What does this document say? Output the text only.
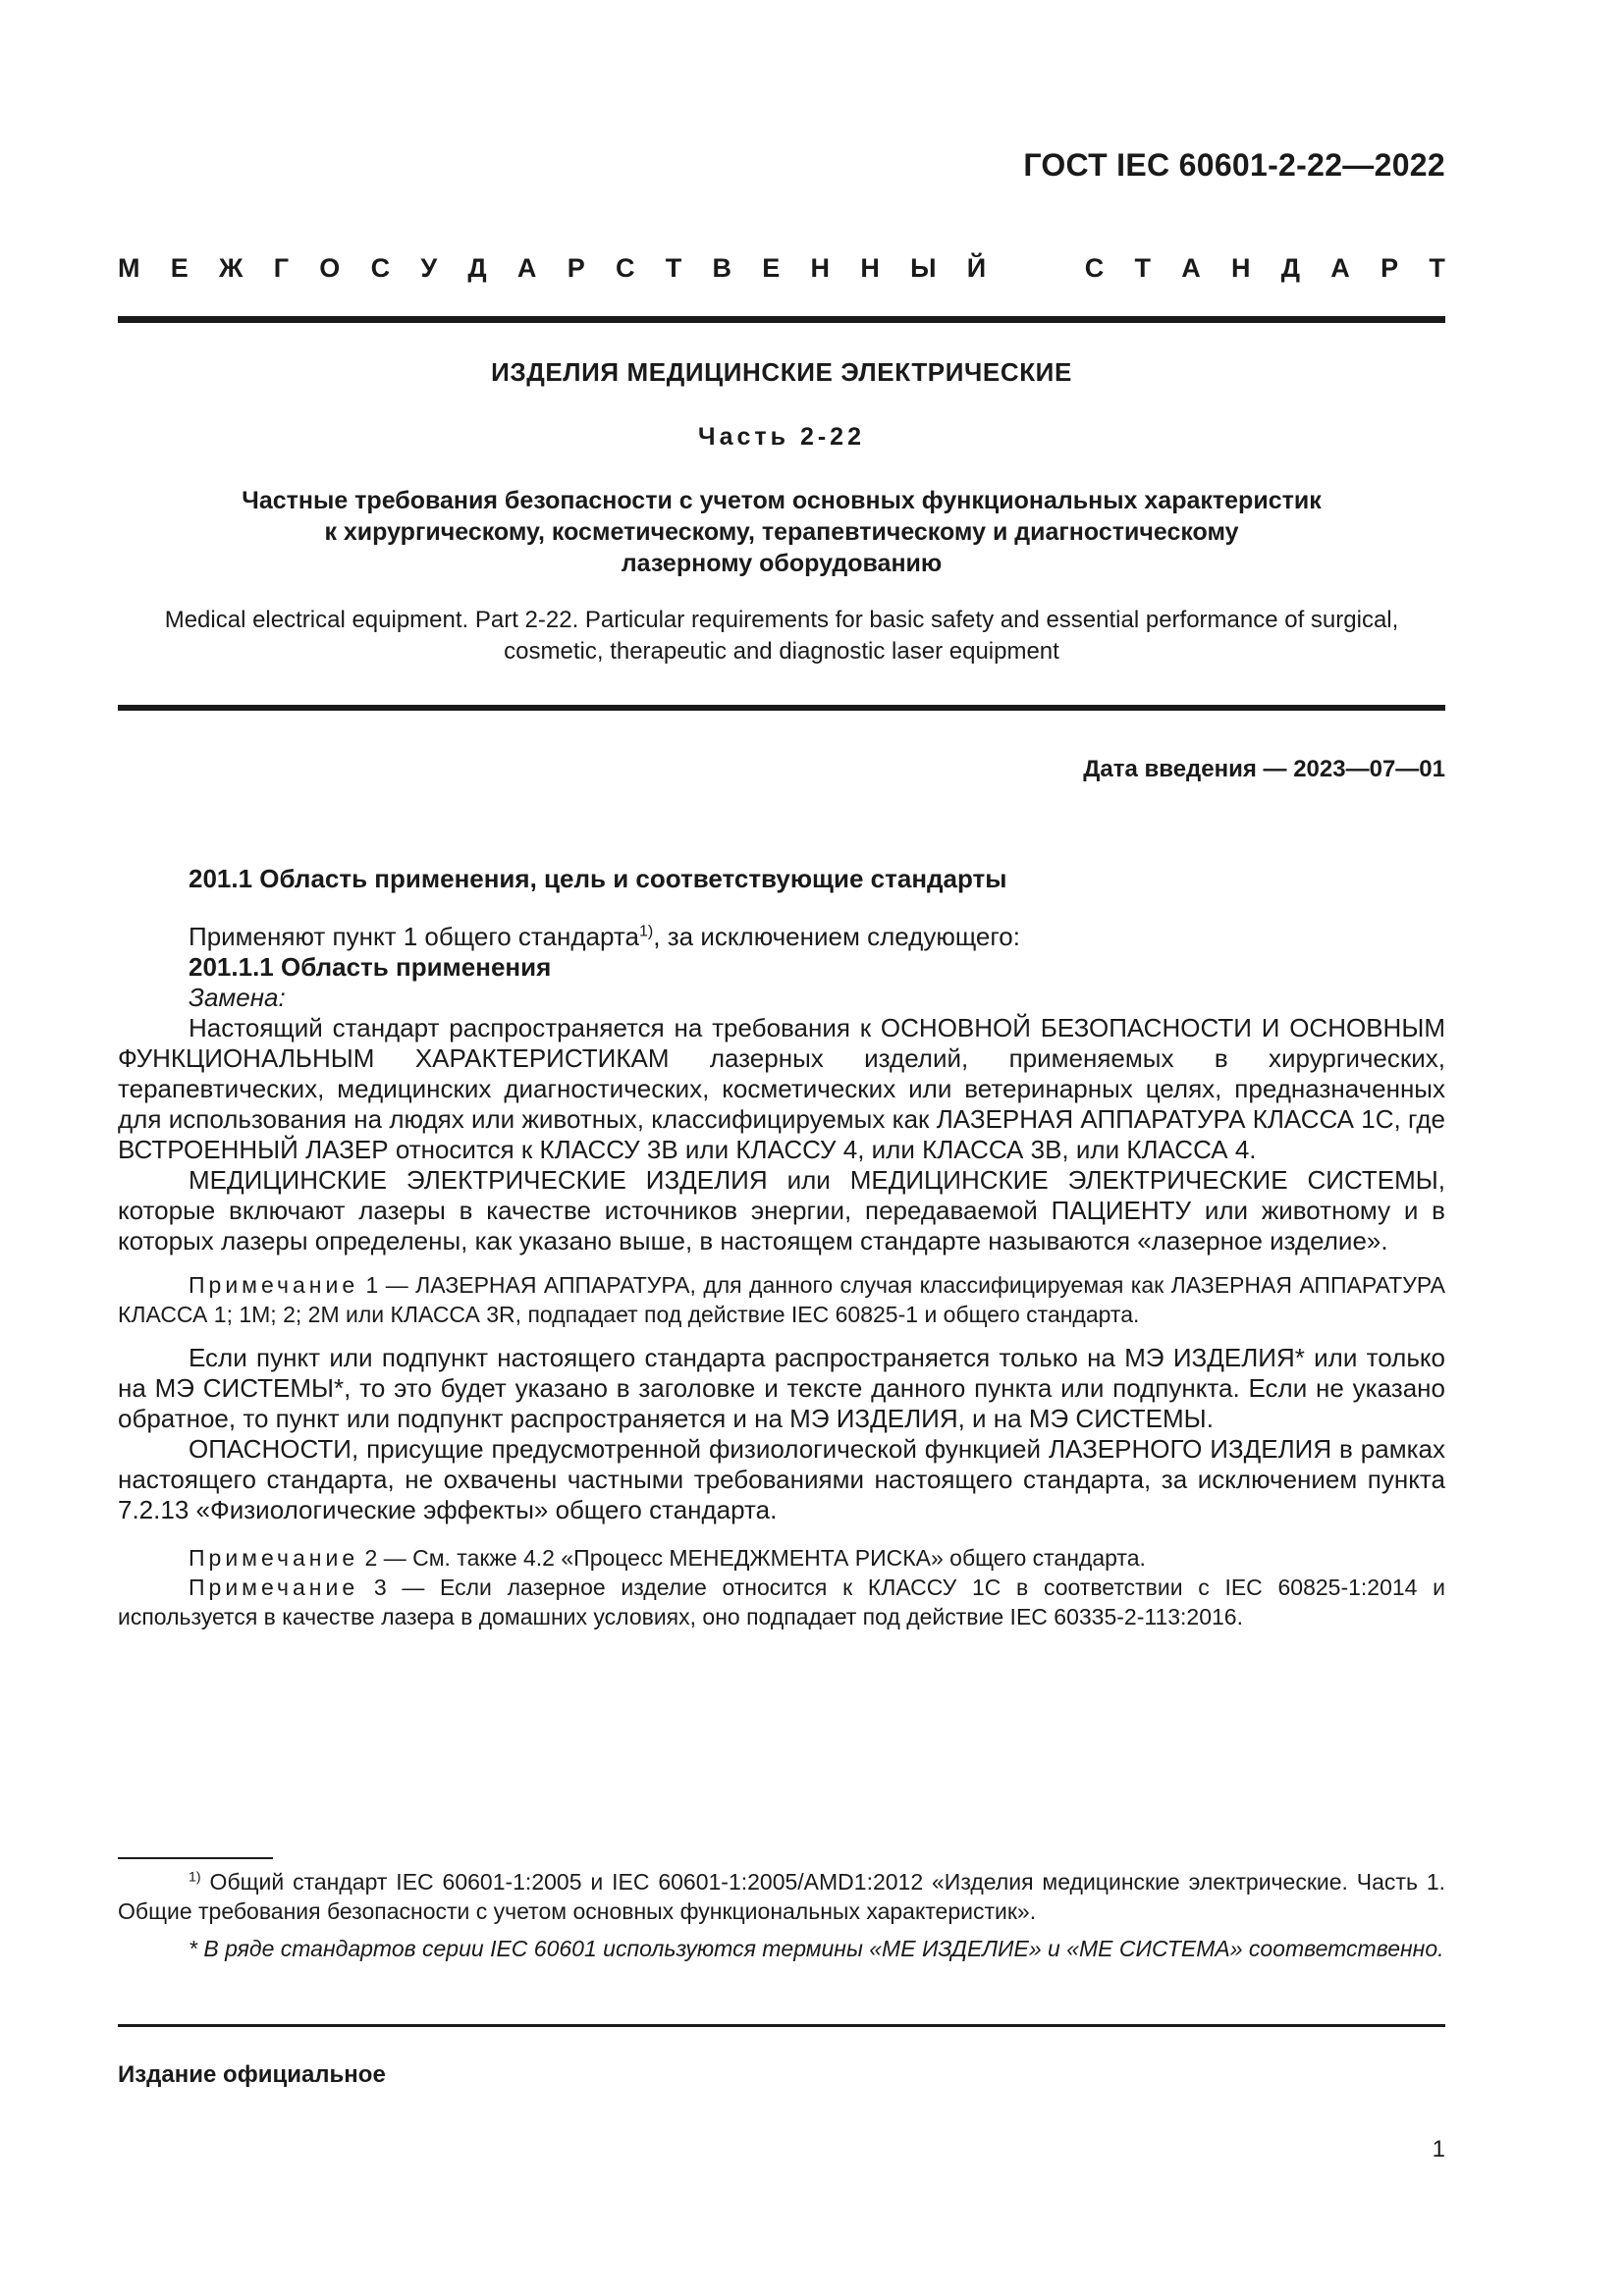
ГОСТ IEC 60601-2-22—2022
М Е Ж Г О С У Д А Р С Т В Е Н Н Ы Й	С Т А Н Д А Р Т
ИЗДЕЛИЯ МЕДИЦИНСКИЕ ЭЛЕКТРИЧЕСКИЕ
Часть 2-22
Частные требования безопасности с учетом основных функциональных характеристик
к хирургическому, косметическому, терапевтическому и диагностическому
лазерному оборудованию
Medical electrical equipment. Part 2-22. Particular requirements for basic safety and essential performance of surgical,
cosmetic, therapeutic and diagnostic laser equipment
Дата введения — 2023—07—01

201.1 Область применения, цель и соответствующие стандарты

Применяют пункт 1 общего стандарта$^{1)}$, за исключением следующего:

201.1.1 Область применения

Замена:

Настоящий стандарт распространяется на требования к ОСНОВНОЙ БЕЗОПАСНОСТИ И ОСНОВНЫМ ФУНКЦИОНАЛЬНЫМ ХАРАКТЕРИСТИКАМ лазерных изделий, применяемых в хирургических, терапевтических, медицинских диагностических, косметических или ветеринарных целях, предназначенных для использования на людях или животных, классифицируемых как ЛАЗЕРНАЯ АППАРАТУРА КЛАССА 1С, где ВСТРОЕННЫЙ ЛАЗЕР относится к КЛАССУ 3В или КЛАССУ 4, или КЛАССА 3В, или КЛАССА 4.

МЕДИЦИНСКИЕ ЭЛЕКТРИЧЕСКИЕ ИЗДЕЛИЯ или МЕДИЦИНСКИЕ ЭЛЕКТРИЧЕСКИЕ СИСТЕМЫ, которые включают лазеры в качестве источников энергии, передаваемой ПАЦИЕНТУ или животному и в которых лазеры определены, как указано выше, в настоящем стандарте называются «лазерное изделие».

Примечание 1 — ЛАЗЕРНАЯ АППАРАТУРА, для данного случая классифицируемая как ЛАЗЕРНАЯ АППАРАТУРА КЛАССА 1; 1М; 2; 2М или КЛАССА 3R, подпадает под действие IEC 60825-1 и общего стандарта.

Если пункт или подпункт настоящего стандарта распространяется только на МЭ ИЗДЕЛИЯ* или только на МЭ СИСТЕМЫ*, то это будет указано в заголовке и тексте данного пункта или подпункта. Если не указано обратное, то пункт или подпункт распространяется и на МЭ ИЗДЕЛИЯ, и на МЭ СИСТЕМЫ.

ОПАСНОСТИ, присущие предусмотренной физиологической функцией ЛАЗЕРНОГО ИЗДЕЛИЯ в рамках настоящего стандарта, не охвачены частными требованиями настоящего стандарта, за исключением пункта 7.2.13 «Физиологические эффекты» общего стандарта.

Примечание 2 — См. также 4.2 «Процесс МЕНЕДЖМЕНТА РИСКА» общего стандарта.

Примечание 3 — Если лазерное изделие относится к КЛАССУ 1С в соответствии с IEC 60825-1:2014 и используется в качестве лазера в домашних условиях, оно подпадает под действие IEC 60335-2-113:2016.

$^{1)}$ Общий стандарт IEC 60601-1:2005 и IEC 60601-1:2005/AMD1:2012 «Изделия медицинские электрические. Часть 1. Общие требования безопасности с учетом основных функциональных характеристик».

* В ряде стандартов серии IEC 60601 используются термины «МЕ ИЗДЕЛИЕ» и «МЕ СИСТЕМА» соответственно.

Издание официальное
1
